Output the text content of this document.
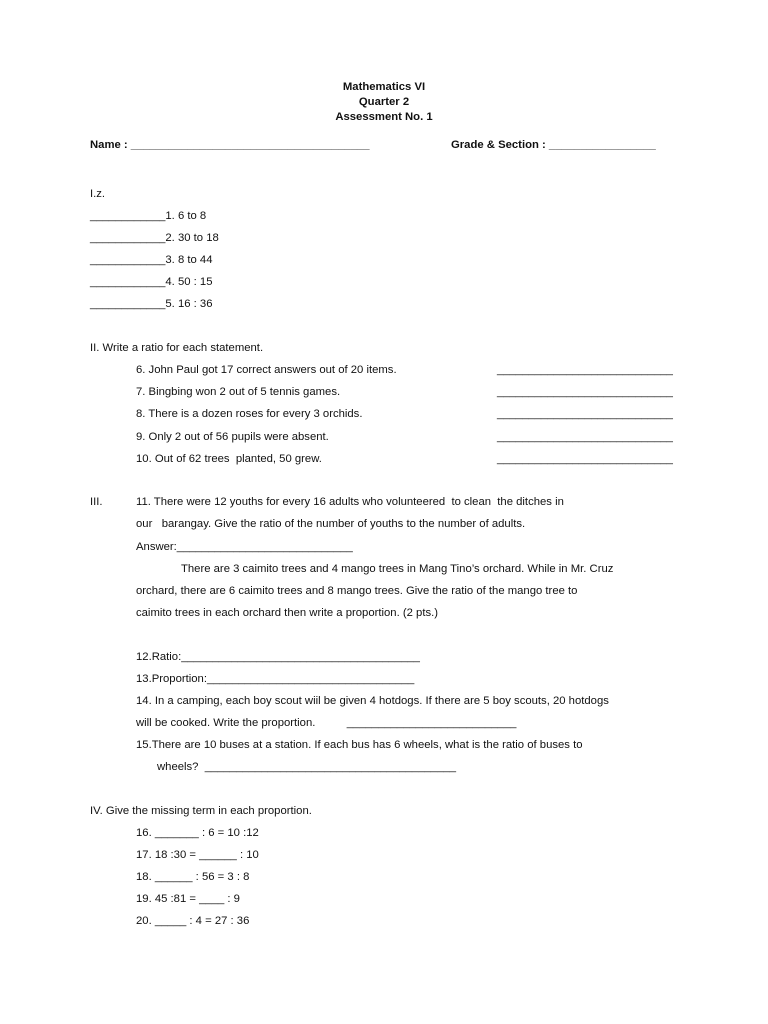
Mathematics VI
Quarter 2
Assessment No. 1
Name : ______________________________________	Grade & Section : _________________
I.z.
____________1. 6 to 8
____________2. 30 to 18
____________3. 8 to 44
____________4. 50 : 15
____________5. 16 : 36
II. Write a ratio for each statement.
6. John Paul got 17 correct answers out of 20 items.	____________________________
7. Bingbing won 2 out of 5 tennis games.	____________________________
8. There is a dozen roses for every 3 orchids.	____________________________
9. Only 2 out of 56 pupils were absent.	____________________________
10. Out of 62 trees  planted, 50 grew.	____________________________
III.	11. There were 12 youths for every 16 adults who volunteered  to clean  the ditches in
our   barangay. Give the ratio of the number of youths to the number of adults.
Answer:____________________________
There are 3 caimito trees and 4 mango trees in Mang Tino’s orchard. While in Mr. Cruz
orchard, there are 6 caimito trees and 8 mango trees. Give the ratio of the mango tree to
caimito trees in each orchard then write a proportion. (2 pts.)
12.Ratio:______________________________________
13.Proportion:_________________________________
14. In a camping, each boy scout wiil be given 4 hotdogs. If there are 5 boy scouts, 20 hotdogs
will be cooked. Write the proportion.          ___________________________
15.There are 10 buses at a station. If each bus has 6 wheels, what is the ratio of buses to
wheels?  ________________________________________
IV. Give the missing term in each proportion.
16. _______ : 6 = 10 :12
17. 18 :30 = ______ : 10
18. ______ : 56 = 3 : 8
19. 45 :81 = ____ : 9
20. _____ : 4 = 27 : 36
